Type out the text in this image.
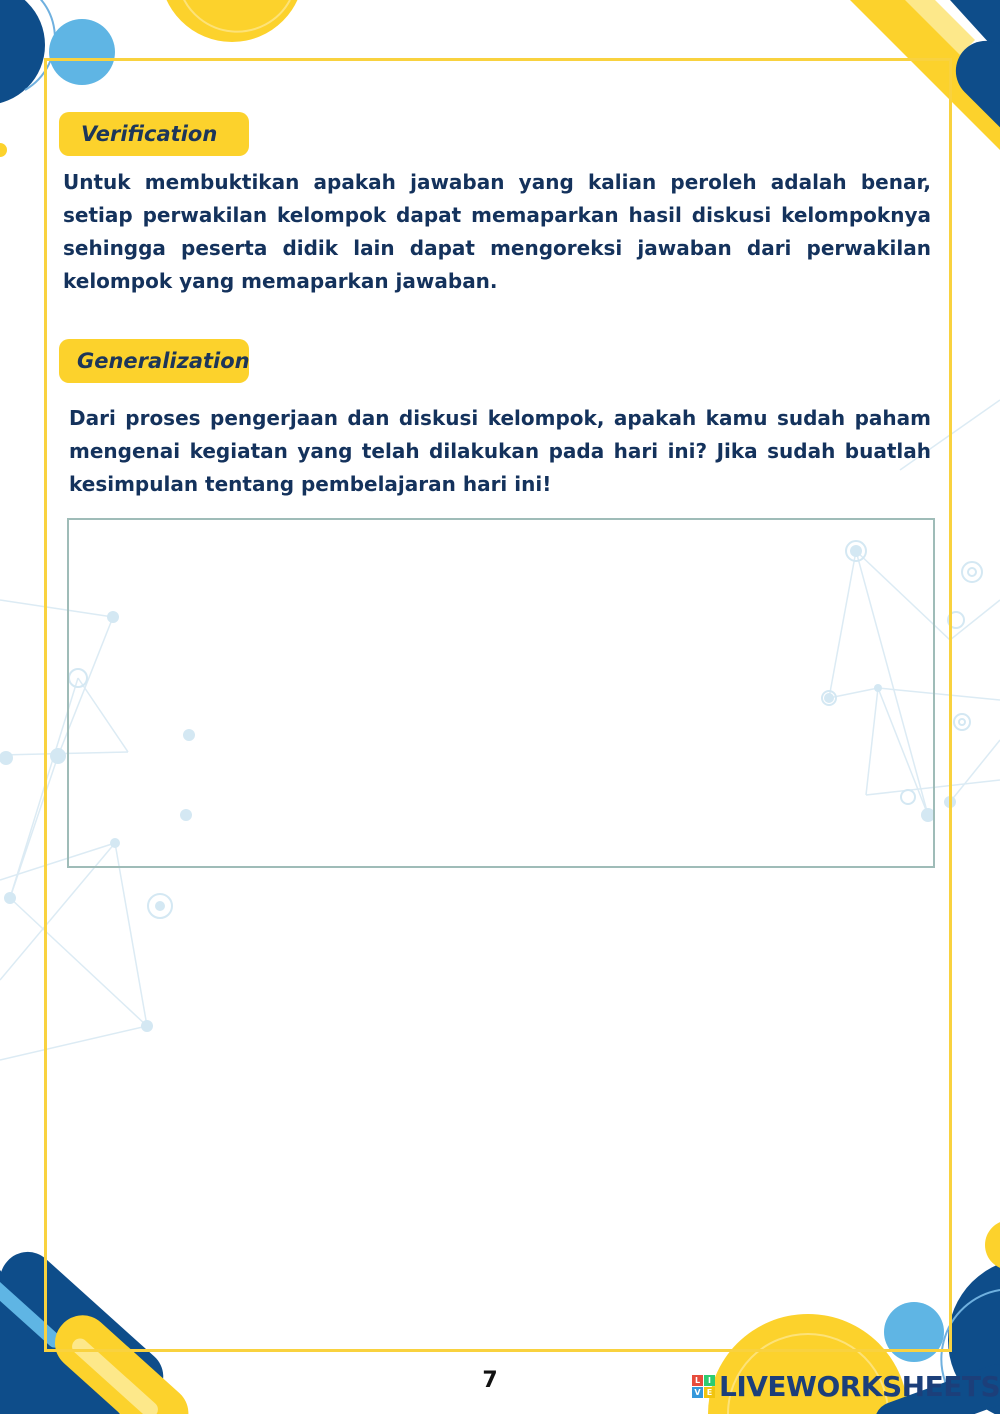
Verification

Untuk membuktikan apakah jawaban yang kalian peroleh adalah benar, setiap perwakilan kelompok dapat memaparkan hasil diskusi kelompoknya sehingga peserta didik lain dapat mengoreksi jawaban dari perwakilan kelompok yang memaparkan jawaban.

Generalization

Dari proses pengerjaan dan diskusi kelompok, apakah kamu sudah paham mengenai kegiatan yang telah dilakukan pada hari ini? Jika sudah buatlah kesimpulan tentang pembelajaran hari ini!

7	L I
V E LIVEWORKSHEETS
